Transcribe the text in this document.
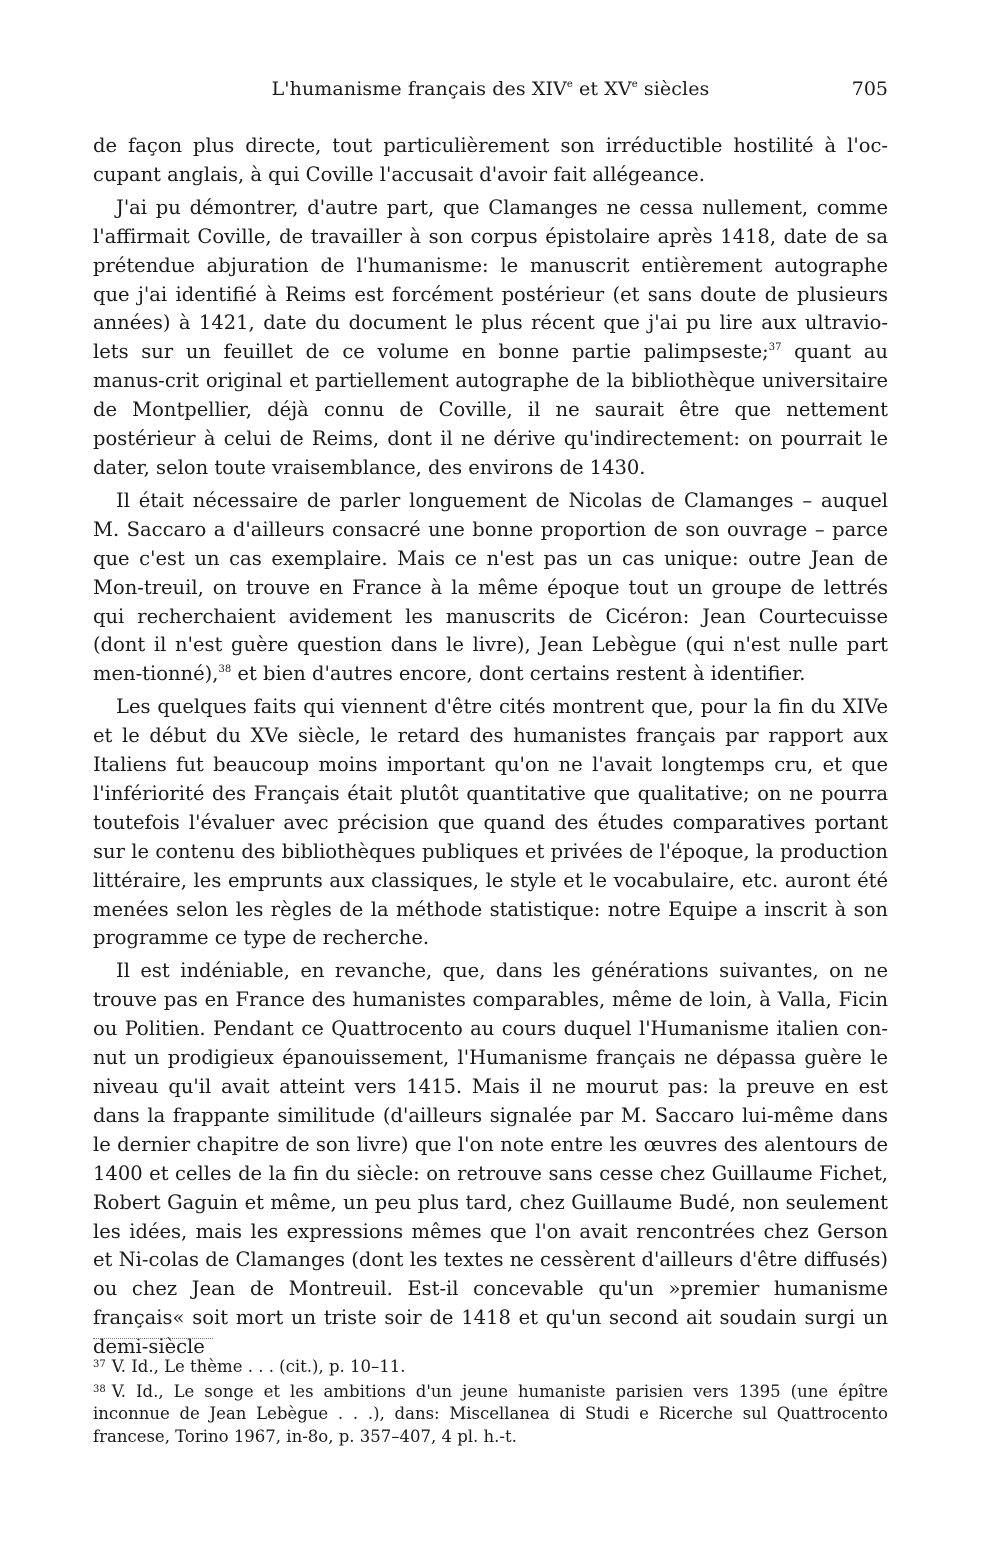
L'humanisme français des XIVe et XVe siècles	705

de façon plus directe, tout particulièrement son irréductible hostilité à l'oc-cupant anglais, à qui Coville l'accusait d'avoir fait allégeance.

J'ai pu démontrer, d'autre part, que Clamanges ne cessa nullement, comme l'affirmait Coville, de travailler à son corpus épistolaire après 1418, date de sa prétendue abjuration de l'humanisme: le manuscrit entièrement autographe que j'ai identifié à Reims est forcément postérieur (et sans doute de plusieurs années) à 1421, date du document le plus récent que j'ai pu lire aux ultravio-lets sur un feuillet de ce volume en bonne partie palimpseste;$^{37}$ quant au manus-crit original et partiellement autographe de la bibliothèque universitaire de Montpellier, déjà connu de Coville, il ne saurait être que nettement postérieur à celui de Reims, dont il ne dérive qu'indirectement: on pourrait le dater, selon toute vraisemblance, des environs de 1430.

Il était nécessaire de parler longuement de Nicolas de Clamanges – auquel M. Saccaro a d'ailleurs consacré une bonne proportion de son ouvrage – parce que c'est un cas exemplaire. Mais ce n'est pas un cas unique: outre Jean de Mon-treuil, on trouve en France à la même époque tout un groupe de lettrés qui recherchaient avidement les manuscrits de Cicéron: Jean Courtecuisse (dont il n'est guère question dans le livre), Jean Lebègue (qui n'est nulle part men-tionné),$^{38}$ et bien d'autres encore, dont certains restent à identifier.

Les quelques faits qui viennent d'être cités montrent que, pour la fin du XIVe et le début du XVe siècle, le retard des humanistes français par rapport aux Italiens fut beaucoup moins important qu'on ne l'avait longtemps cru, et que l'infériorité des Français était plutôt quantitative que qualitative; on ne pourra toutefois l'évaluer avec précision que quand des études comparatives portant sur le contenu des bibliothèques publiques et privées de l'époque, la production littéraire, les emprunts aux classiques, le style et le vocabulaire, etc. auront été menées selon les règles de la méthode statistique: notre Equipe a inscrit à son programme ce type de recherche.

Il est indéniable, en revanche, que, dans les générations suivantes, on ne trouve pas en France des humanistes comparables, même de loin, à Valla, Ficin ou Politien. Pendant ce Quattrocento au cours duquel l'Humanisme italien con-nut un prodigieux épanouissement, l'Humanisme français ne dépassa guère le niveau qu'il avait atteint vers 1415. Mais il ne mourut pas: la preuve en est dans la frappante similitude (d'ailleurs signalée par M. Saccaro lui-même dans le dernier chapitre de son livre) que l'on note entre les œuvres des alentours de 1400 et celles de la fin du siècle: on retrouve sans cesse chez Guillaume Fichet, Robert Gaguin et même, un peu plus tard, chez Guillaume Budé, non seulement les idées, mais les expressions mêmes que l'on avait rencontrées chez Gerson et Ni-colas de Clamanges (dont les textes ne cessèrent d'ailleurs d'être diffusés) ou chez Jean de Montreuil. Est-il concevable qu'un »premier humanisme français« soit mort un triste soir de 1418 et qu'un second ait soudain surgi un demi-siècle

$^{37}$ V. Id., Le thème . . . (cit.), p. 10–11.

$^{38}$ V. Id., Le songe et les ambitions d'un jeune humaniste parisien vers 1395 (une épître inconnue de Jean Lebègue . . .), dans: Miscellanea di Studi e Ricerche sul Quattrocento francese, Torino 1967, in-8o, p. 357–407, 4 pl. h.-t.
